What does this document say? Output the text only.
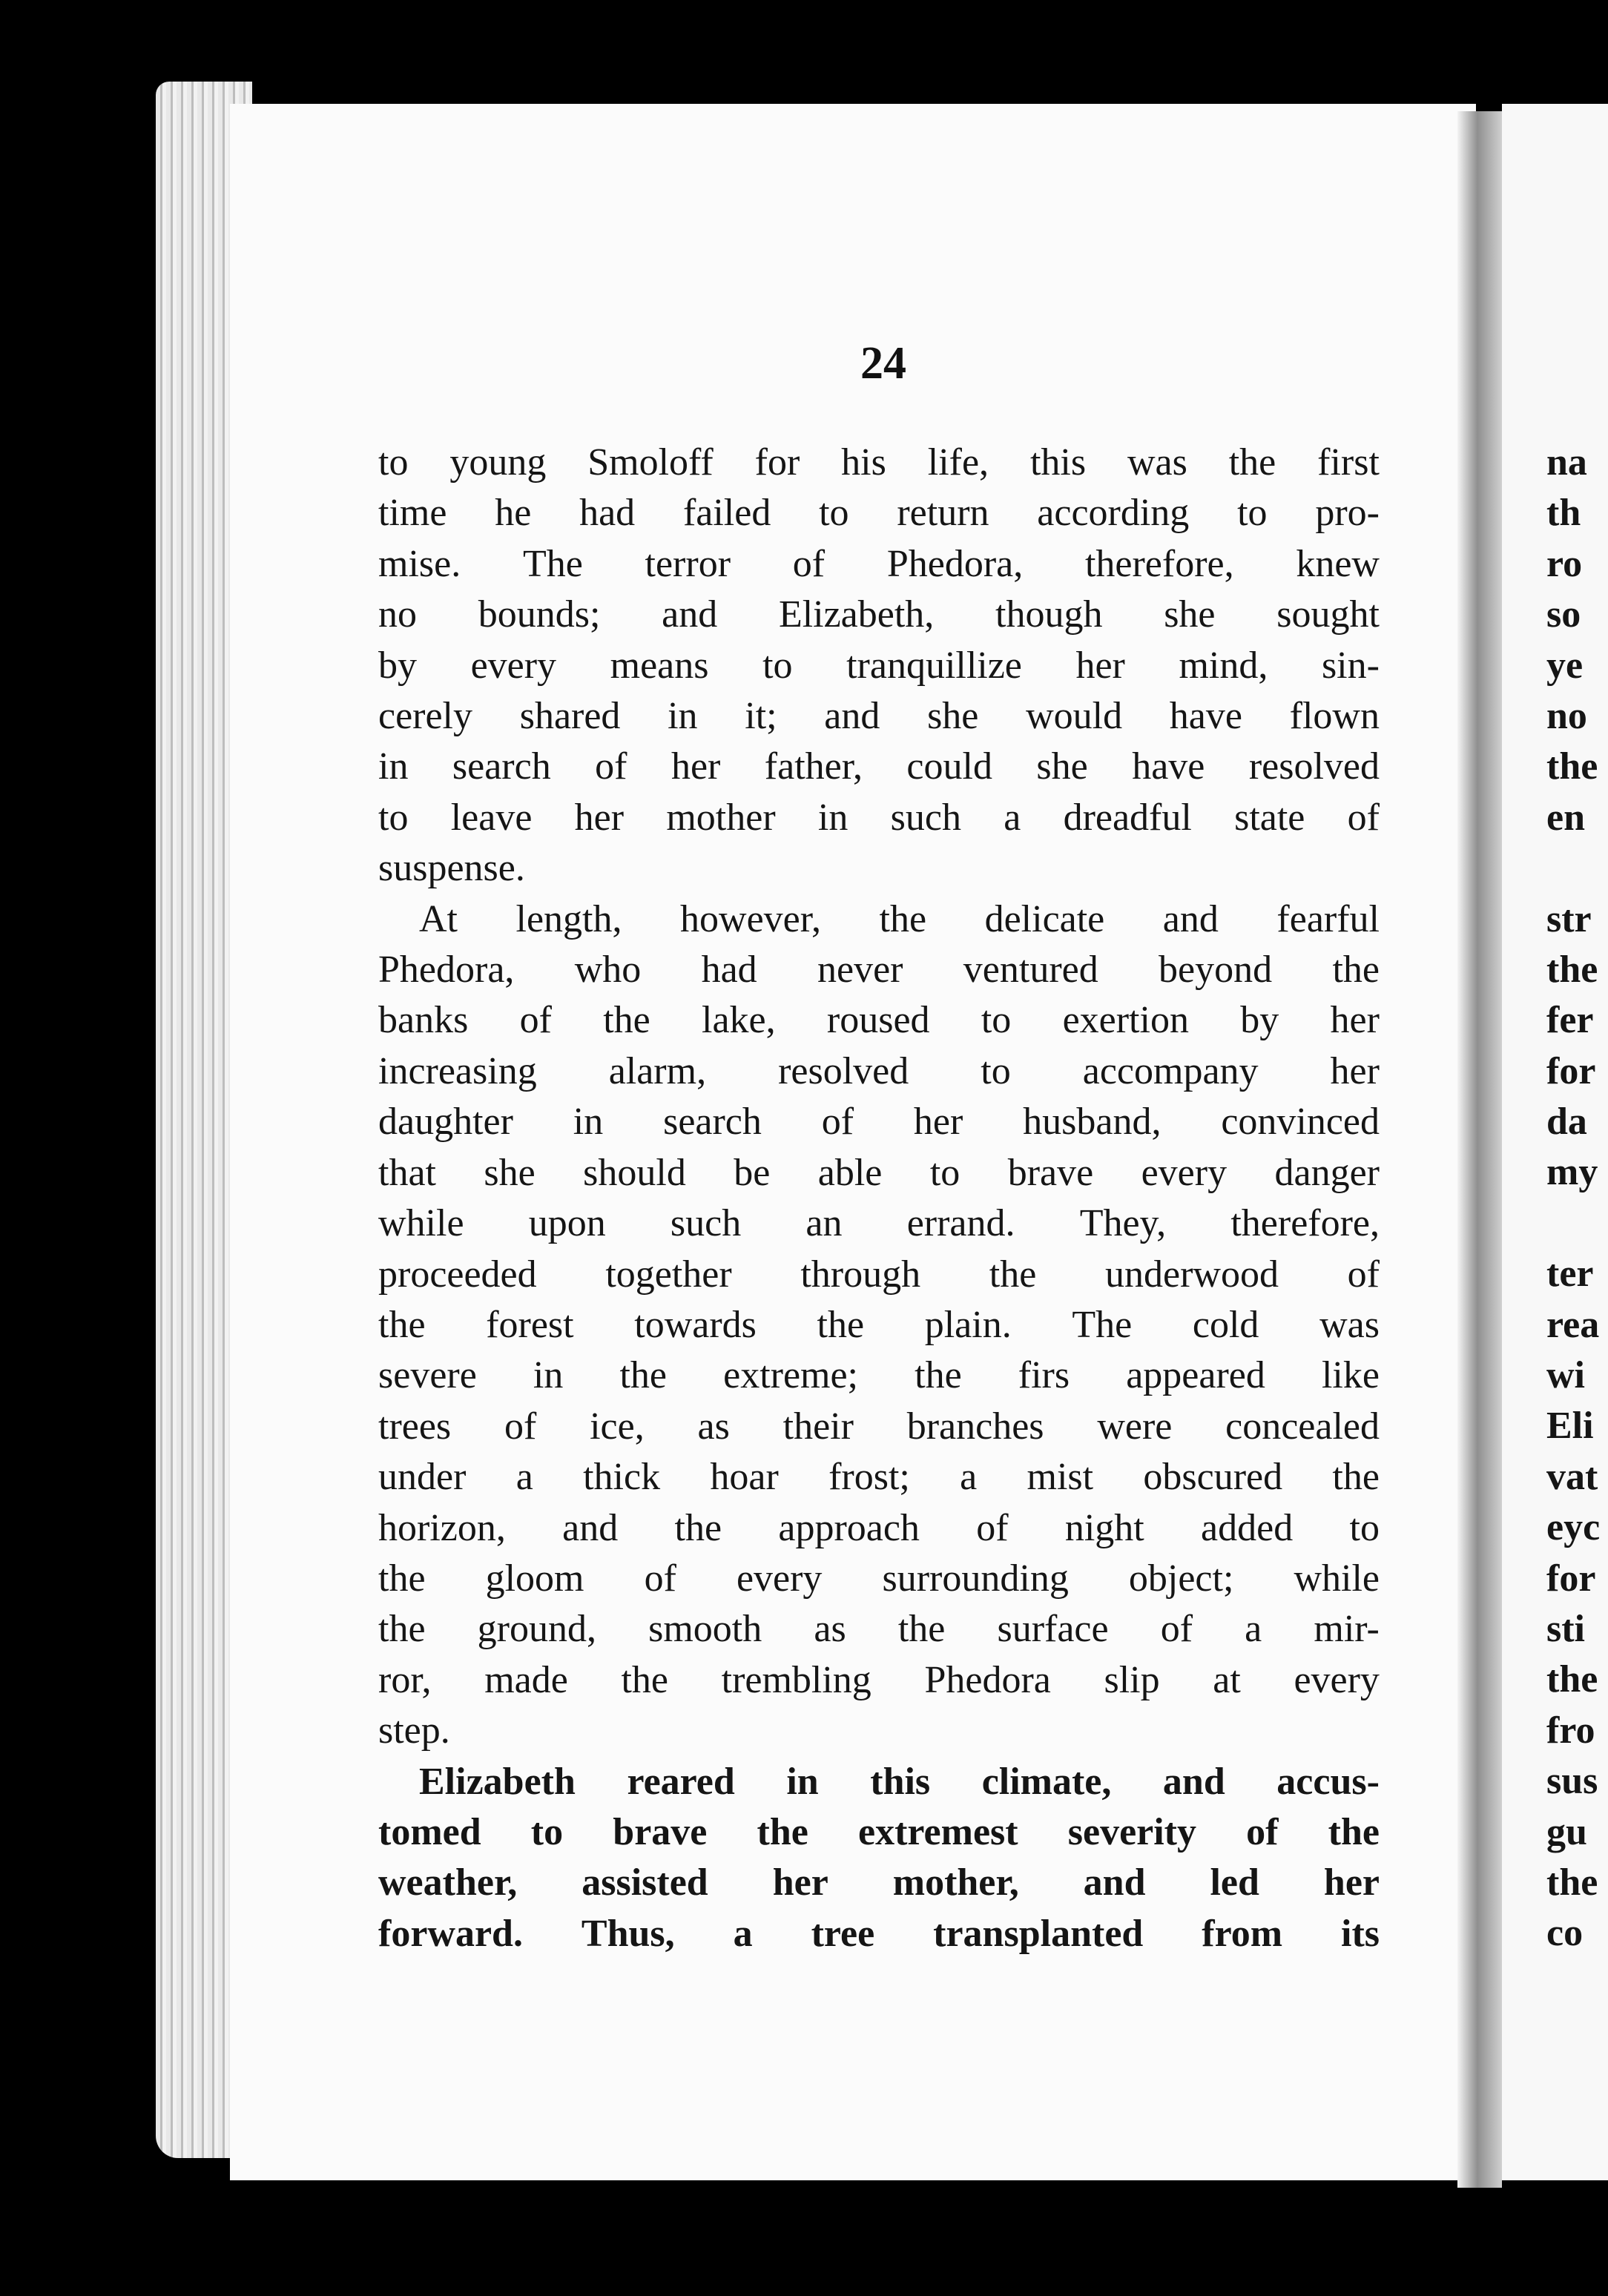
24
to young Smoloff for his life, this was the first
time he had failed to return according to pro-
mise. The terror of Phedora, therefore, knew
no bounds; and Elizabeth, though she sought
by every means to tranquillize her mind, sin-
cerely shared in it; and she would have flown
in search of her father, could she have resolved
to leave her mother in such a dreadful state of
suspense.
At length, however, the delicate and fearful
Phedora, who had never ventured beyond the
banks of the lake, roused to exertion by her
increasing alarm, resolved to accompany her
daughter in search of her husband, convinced
that she should be able to brave every danger
while upon such an errand. They, therefore,
proceeded together through the underwood of
the forest towards the plain. The cold was
severe in the extreme; the firs appeared like
trees of ice, as their branches were concealed
under a thick hoar frost; a mist obscured the
horizon, and the approach of night added to
the gloom of every surrounding object; while
the ground, smooth as the surface of a mir-
ror, made the trembling Phedora slip at every
step.
Elizabeth reared in this climate, and accus-
tomed to brave the extremest severity of the
weather, assisted her mother, and led her
forward. Thus, a tree transplanted from its
na
th
ro
so
ye
no
the
en
str
the
fer
for
da
my
ter
rea
wi
Eli
vat
eyc
for
sti
the
fro
sus
gu
the
co
